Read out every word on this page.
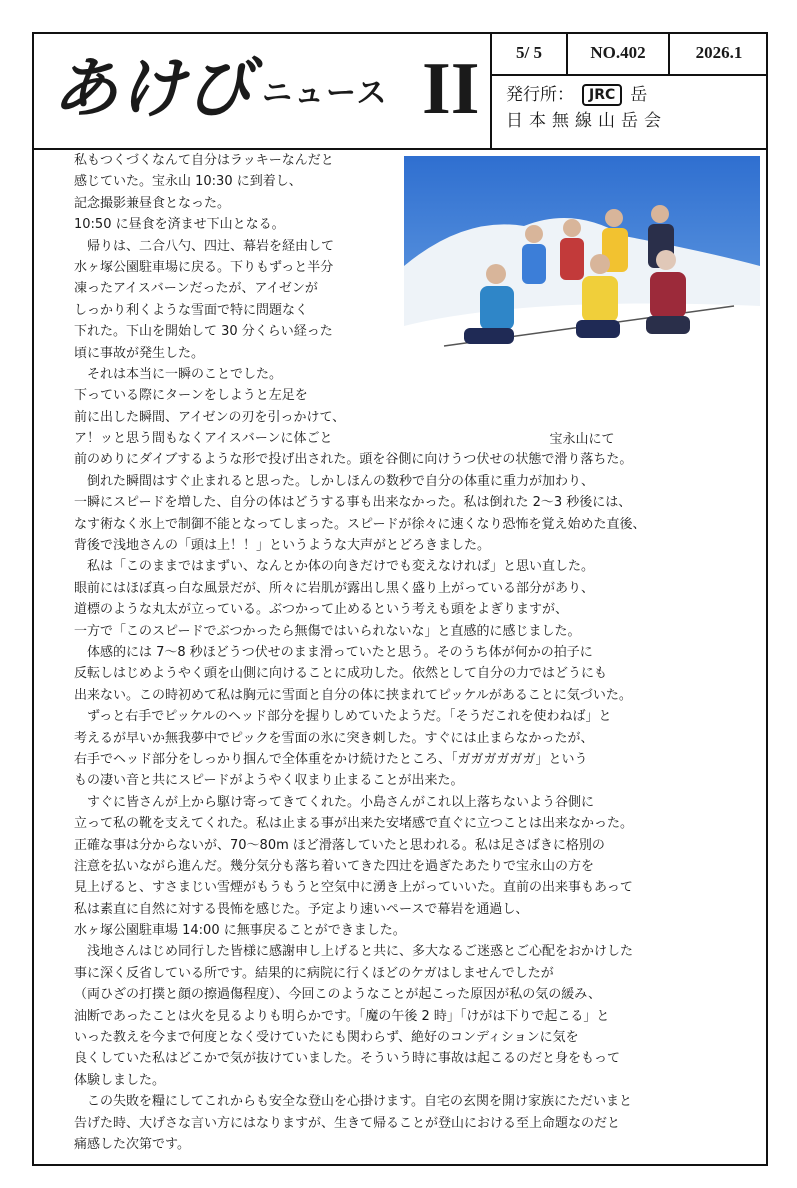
あけび ニュース II	5/ 5	NO.402	2026.1
発行所：	JRC 岳
日本無線山岳会
宝永山にて
私もつくづくなんて自分はラッキーなんだと
感じていた。宝永山 10:30 に到着し、
記念撮影兼昼食となった。
10:50 に昼食を済ませ下山となる。
　帰りは、二合八勺、四辻、幕岩を経由して
水ヶ塚公園駐車場に戻る。下りもずっと半分
凍ったアイスバーンだったが、アイゼンが
しっかり利くような雪面で特に問題なく
下れた。下山を開始して 30 分くらい経った
頃に事故が発生した。
　それは本当に一瞬のことでした。
下っている際にターンをしようと左足を
前に出した瞬間、アイゼンの刃を引っかけて、
ア！ッと思う間もなくアイスバーンに体ごと
前のめりにダイブするような形で投げ出された。頭を谷側に向けうつ伏せの状態で滑り落ちた。
　倒れた瞬間はすぐ止まれると思った。しかしほんの数秒で自分の体重に重力が加わり、
一瞬にスピードを増した、自分の体はどうする事も出来なかった。私は倒れた 2～3 秒後には、
なす術なく氷上で制御不能となってしまった。スピードが徐々に速くなり恐怖を覚え始めた直後、
背後で浅地さんの「頭は上！！」というような大声がとどろきました。
　私は「このままではまずい、なんとか体の向きだけでも変えなければ」と思い直した。
眼前にはほぼ真っ白な風景だが、所々に岩肌が露出し黒く盛り上がっている部分があり、
道標のような丸太が立っている。ぶつかって止めるという考えも頭をよぎりますが、
一方で「このスピードでぶつかったら無傷ではいられないな」と直感的に感じました。
　体感的には 7～8 秒ほどうつ伏せのまま滑っていたと思う。そのうち体が何かの拍子に
反転しはじめようやく頭を山側に向けることに成功した。依然として自分の力ではどうにも
出来ない。この時初めて私は胸元に雪面と自分の体に挟まれてピッケルがあることに気づいた。
　ずっと右手でピッケルのヘッド部分を握りしめていたようだ。「そうだこれを使わねば」と
考えるが早いか無我夢中でピックを雪面の氷に突き刺した。すぐには止まらなかったが、
右手でヘッド部分をしっかり掴んで全体重をかけ続けたところ、「ガガガガガガ」という
もの凄い音と共にスピードがようやく収まり止まることが出来た。
　すぐに皆さんが上から駆け寄ってきてくれた。小島さんがこれ以上落ちないよう谷側に
立って私の靴を支えてくれた。私は止まる事が出来た安堵感で直ぐに立つことは出来なかった。
正確な事は分からないが、70～80m ほど滑落していたと思われる。私は足さばきに格別の
注意を払いながら進んだ。幾分気分も落ち着いてきた四辻を過ぎたあたりで宝永山の方を
見上げると、すさまじい雪煙がもうもうと空気中に湧き上がっていいた。直前の出来事もあって
私は素直に自然に対する畏怖を感じた。予定より速いペースで幕岩を通過し、
水ヶ塚公園駐車場 14:00 に無事戻ることができました。
　浅地さんはじめ同行した皆様に感謝申し上げると共に、多大なるご迷惑とご心配をおかけした
事に深く反省している所です。結果的に病院に行くほどのケガはしませんでしたが
（両ひざの打撲と顔の擦過傷程度）、今回このようなことが起こった原因が私の気の緩み、
油断であったことは火を見るよりも明らかです。「魔の午後 2 時」「けがは下りで起こる」と
いった教えを今まで何度となく受けていたにも関わらず、絶好のコンディションに気を
良くしていた私はどこかで気が抜けていました。そういう時に事故は起こるのだと身をもって
体験しました。
　この失敗を糧にしてこれからも安全な登山を心掛けます。自宅の玄関を開け家族にただいまと
告げた時、大げさな言い方にはなりますが、生きて帰ることが登山における至上命題なのだと
痛感した次第です。
